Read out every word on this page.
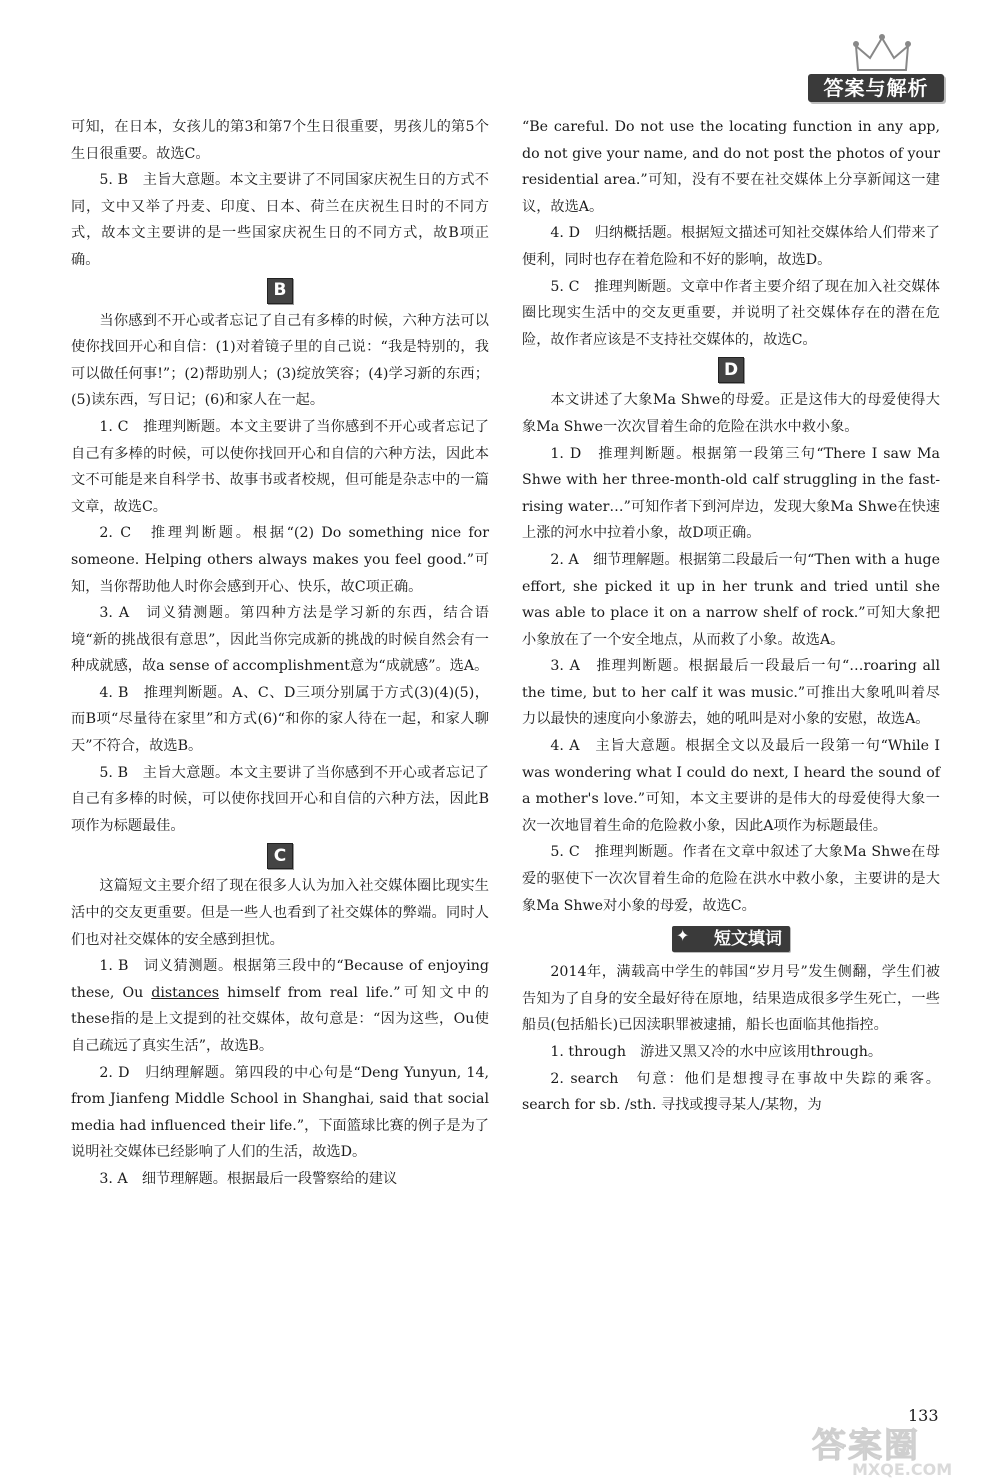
答案与解析

可知，在日本，女孩儿的第3和第7个生日很重要，男孩儿的第5个生日很重要。故选C。

5. B　主旨大意题。本文主要讲了不同国家庆祝生日的方式不同，文中又举了丹麦、印度、日本、荷兰在庆祝生日时的不同方式，故本文主要讲的是一些国家庆祝生日的不同方式，故B项正确。

B

当你感到不开心或者忘记了自己有多棒的时候，六种方法可以使你找回开心和自信：(1)对着镜子里的自己说：“我是特别的，我可以做任何事!”；(2)帮助别人；(3)绽放笑容；(4)学习新的东西；(5)读东西，写日记；(6)和家人在一起。

1. C　推理判断题。本文主要讲了当你感到不开心或者忘记了自己有多棒的时候，可以使你找回开心和自信的六种方法，因此本文不可能是来自科学书、故事书或者校规，但可能是杂志中的一篇文章，故选C。

2. C　推理判断题。根据“(2) Do something nice for someone. Helping others always makes you feel good.”可知，当你帮助他人时你会感到开心、快乐，故C项正确。

3. A　词义猜测题。第四种方法是学习新的东西，结合语境“新的挑战很有意思”，因此当你完成新的挑战的时候自然会有一种成就感，故a sense of accomplishment意为“成就感”。选A。

4. B　推理判断题。A、C、D三项分别属于方式(3)(4)(5)，而B项“尽量待在家里”和方式(6)“和你的家人待在一起，和家人聊天”不符合，故选B。

5. B　主旨大意题。本文主要讲了当你感到不开心或者忘记了自己有多棒的时候，可以使你找回开心和自信的六种方法，因此B项作为标题最佳。

C

这篇短文主要介绍了现在很多人认为加入社交媒体圈比现实生活中的交友更重要。但是一些人也看到了社交媒体的弊端。同时人们也对社交媒体的安全感到担忧。

1. B　词义猜测题。根据第三段中的“Because of enjoying these, Ou distances himself from real life.”可知文中的these指的是上文提到的社交媒体，故句意是：“因为这些，Ou使自己疏远了真实生活”，故选B。

2. D　归纳理解题。第四段的中心句是“Deng Yunyun, 14, from Jianfeng Middle School in Shanghai, said that social media had influenced their life.”，下面篮球比赛的例子是为了说明社交媒体已经影响了人们的生活，故选D。

3. A　细节理解题。根据最后一段警察给的建议

“Be careful. Do not use the locating function in any app, do not give your name, and do not post the photos of your residential area.”可知，没有不要在社交媒体上分享新闻这一建议，故选A。

4. D　归纳概括题。根据短文描述可知社交媒体给人们带来了便利，同时也存在着危险和不好的影响，故选D。

5. C　推理判断题。文章中作者主要介绍了现在加入社交媒体圈比现实生活中的交友更重要，并说明了社交媒体存在的潜在危险，故作者应该是不支持社交媒体的，故选C。

D

本文讲述了大象Ma Shwe的母爱。正是这伟大的母爱使得大象Ma Shwe一次次冒着生命的危险在洪水中救小象。

1. D　推理判断题。根据第一段第三句“There I saw Ma Shwe with her three-month-old calf struggling in the fast-rising water…”可知作者下到河岸边，发现大象Ma Shwe在快速上涨的河水中拉着小象，故D项正确。

2. A　细节理解题。根据第二段最后一句“Then with a huge effort, she picked it up in her trunk and tried until she was able to place it on a narrow shelf of rock.”可知大象把小象放在了一个安全地点，从而救了小象。故选A。

3. A　推理判断题。根据最后一段最后一句“…roaring all the time, but to her calf it was music.”可推出大象吼叫着尽力以最快的速度向小象游去，她的吼叫是对小象的安慰，故选A。

4. A　主旨大意题。根据全文以及最后一段第一句“While I was wondering what I could do next, I heard the sound of a mother's love.”可知，本文主要讲的是伟大的母爱使得大象一次一次地冒着生命的危险救小象，因此A项作为标题最佳。

5. C　推理判断题。作者在文章中叙述了大象Ma Shwe在母爱的驱使下一次次冒着生命的危险在洪水中救小象，主要讲的是大象Ma Shwe对小象的母爱，故选C。

✦ 短文填词

2014年，满载高中学生的韩国“岁月号”发生侧翻，学生们被告知为了自身的安全最好待在原地，结果造成很多学生死亡，一些船员(包括船长)已因渎职罪被逮捕，船长也面临其他指控。

1. through　游进又黑又冷的水中应该用through。

2. search　句意：他们是想搜寻在事故中失踪的乘客。search for sb. /sth. 寻找或搜寻某人/某物，为

133
答案圈
MXQE.COM
